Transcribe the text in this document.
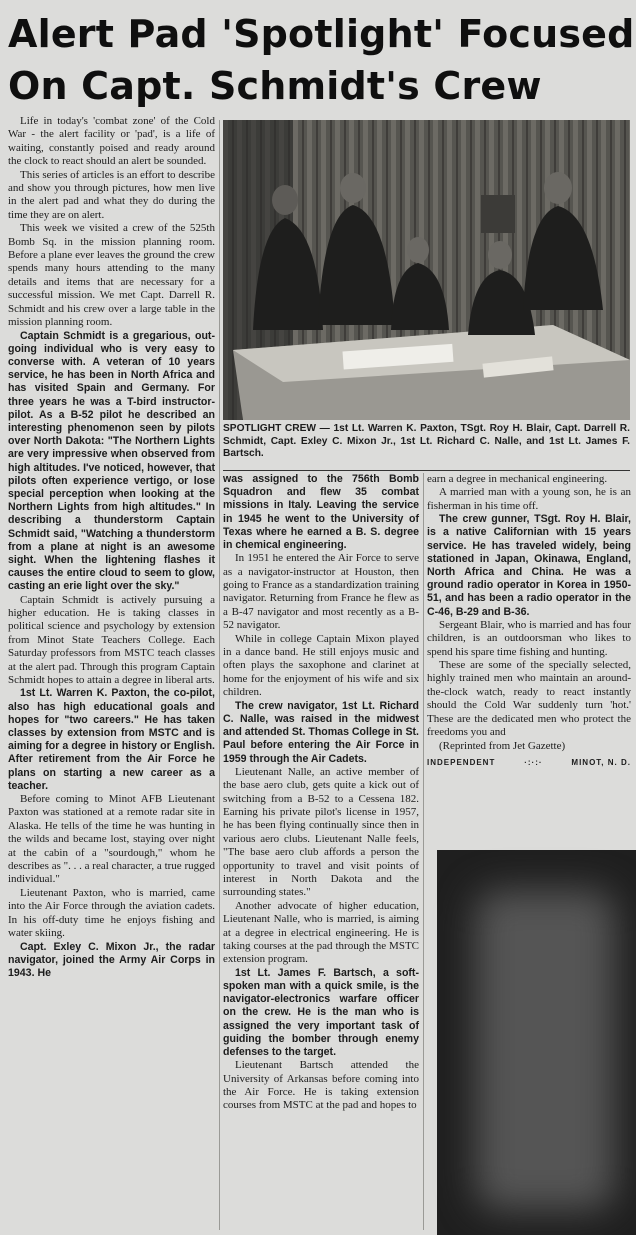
Alert Pad 'Spotlight' Focused
On Capt. Schmidt's Crew

Life in today's 'combat zone' of the Cold War - the alert facility or 'pad', is a life of waiting, constantly poised and ready around the clock to react should an alert be sounded.

This series of articles is an effort to describe and show you through pictures, how men live in the alert pad and what they do during the time they are on alert.

This week we visited a crew of the 525th Bomb Sq. in the mission planning room. Before a plane ever leaves the ground the crew spends many hours attending to the many details and items that are necessary for a successful mission. We met Capt. Darrell R. Schmidt and his crew over a large table in the mission planning room.

Captain Schmidt is a gregarious, out-going individual who is very easy to converse with. A veteran of 10 years service, he has been in North Africa and has visited Spain and Germany. For three years he was a T-bird instructor-pilot. As a B-52 pilot he described an interesting phenomenon seen by pilots over North Dakota: "The Northern Lights are very impressive when observed from high altitudes. I've noticed, however, that pilots often experience vertigo, or lose special perception when looking at the Northern Lights from high altitudes." In describing a thunderstorm Captain Schmidt said, "Watching a thunderstorm from a plane at night is an awesome sight. When the lightening flashes it causes the entire cloud to seem to glow, casting an erie light over the sky."

Captain Schmidt is actively pursuing a higher education. He is taking classes in political science and psychology by extension from Minot State Teachers College. Each Saturday professors from MSTC teach classes at the alert pad. Through this program Captain Schmidt hopes to attain a degree in liberal arts.

1st Lt. Warren K. Paxton, the co-pilot, also has high educational goals and hopes for "two careers." He has taken classes by extension from MSTC and is aiming for a degree in history or English. After retirement from the Air Force he plans on starting a new career as a teacher.

Before coming to Minot AFB Lieutenant Paxton was stationed at a remote radar site in Alaska. He tells of the time he was hunting in the wilds and became lost, staying over night at the cabin of a "sourdough," whom he describes as ". . . a real character, a true rugged individual."

Lieutenant Paxton, who is married, came into the Air Force through the aviation cadets. In his off-duty time he enjoys fishing and water skiing.

Capt. Exley C. Mixon Jr., the radar navigator, joined the Army Air Corps in 1943. He

SPOTLIGHT CREW — 1st Lt. Warren K. Paxton, TSgt. Roy H. Blair, Capt. Darrell R. Schmidt, Capt. Exley C. Mixon Jr., 1st Lt. Richard C. Nalle, and 1st Lt. James F. Bartsch.

was assigned to the 756th Bomb Squadron and flew 35 combat missions in Italy. Leaving the service in 1945 he went to the University of Texas where he earned a B. S. degree in chemical engineering.

In 1951 he entered the Air Force to serve as a navigator-instructor at Houston, then going to France as a standardization training navigator. Returning from France he flew as a B-47 navigator and most recently as a B-52 navigator.

While in college Captain Mixon played in a dance band. He still enjoys music and often plays the saxophone and clarinet at home for the enjoyment of his wife and six children.

The crew navigator, 1st Lt. Richard C. Nalle, was raised in the midwest and attended St. Thomas College in St. Paul before entering the Air Force in 1959 through the Air Cadets.

Lieutenant Nalle, an active member of the base aero club, gets quite a kick out of switching from a B-52 to a Cessena 182. Earning his private pilot's license in 1957, he has been flying continually since then in various aero clubs. Lieutenant Nalle feels, "The base aero club affords a person the opportunity to travel and visit points of interest in North Dakota and the surrounding states."

Another advocate of higher education, Lieutenant Nalle, who is married, is aiming at a degree in electrical engineering. He is taking courses at the pad through the MSTC extension program.

1st Lt. James F. Bartsch, a soft-spoken man with a quick smile, is the navigator-electronics warfare officer on the crew. He is the man who is assigned the very important task of guiding the bomber through enemy defenses to the target.

Lieutenant Bartsch attended the University of Arkansas before coming into the Air Force. He is taking extension courses from MSTC at the pad and hopes to

earn a degree in mechanical engineering.

A married man with a young son, he is an fisherman in his time off.

The crew gunner, TSgt. Roy H. Blair, is a native Californian with 15 years service. He has traveled widely, being stationed in Japan, Okinawa, England, North Africa and China. He was a ground radio operator in Korea in 1950-51, and has been a radio operator in the C-46, B-29 and B-36.

Sergeant Blair, who is married and has four children, is an outdoorsman who likes to spend his spare time fishing and hunting.

These are some of the specially selected, highly trained men who maintain an around-the-clock watch, ready to react instantly should the Cold War suddenly turn 'hot.' These are the dedicated men who protect the freedoms you and

(Reprinted from Jet Gazette)

INDEPENDENT	·:·:·	MINOT, N. D.
